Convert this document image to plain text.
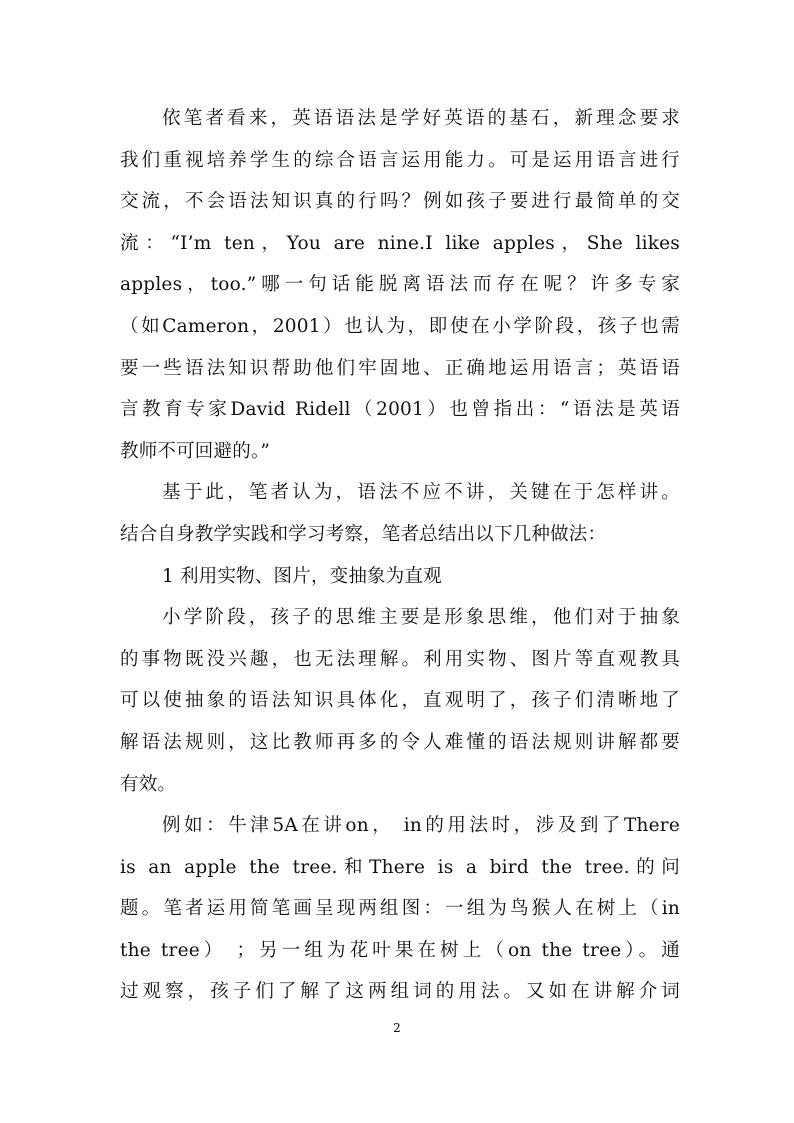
依笔者看来，英语语法是学好英语的基石，新理念要求
我们重视培养学生的综合语言运用能力。可是运用语言进行
交流，不会语法知识真的行吗？例如孩子要进行最简单的交
流：“I’m ten，You are nine.I like apples，She likes
apples，too.”哪一句话能脱离语法而存在呢？许多专家
（如Cameron，2001）也认为，即使在小学阶段，孩子也需
要一些语法知识帮助他们牢固地、正确地运用语言；英语语
言教育专家David Ridell（2001）也曾指出：“语法是英语
教师不可回避的。”

基于此，笔者认为，语法不应不讲，关键在于怎样讲。
结合自身教学实践和学习考察，笔者总结出以下几种做法：

1 利用实物、图片，变抽象为直观

小学阶段，孩子的思维主要是形象思维，他们对于抽象
的事物既没兴趣，也无法理解。利用实物、图片等直观教具
可以使抽象的语法知识具体化，直观明了，孩子们清晰地了
解语法规则，这比教师再多的令人难懂的语法规则讲解都要
有效。

例如：牛津5A在讲on， in的用法时，涉及到了There
is an apple the tree.和There is a bird the tree.的问
题。笔者运用简笔画呈现两组图：一组为鸟猴人在树上（in
the tree） ；另一组为花叶果在树上（on the tree）。通
过观察，孩子们了解了这两组词的用法。又如在讲解介词

2
